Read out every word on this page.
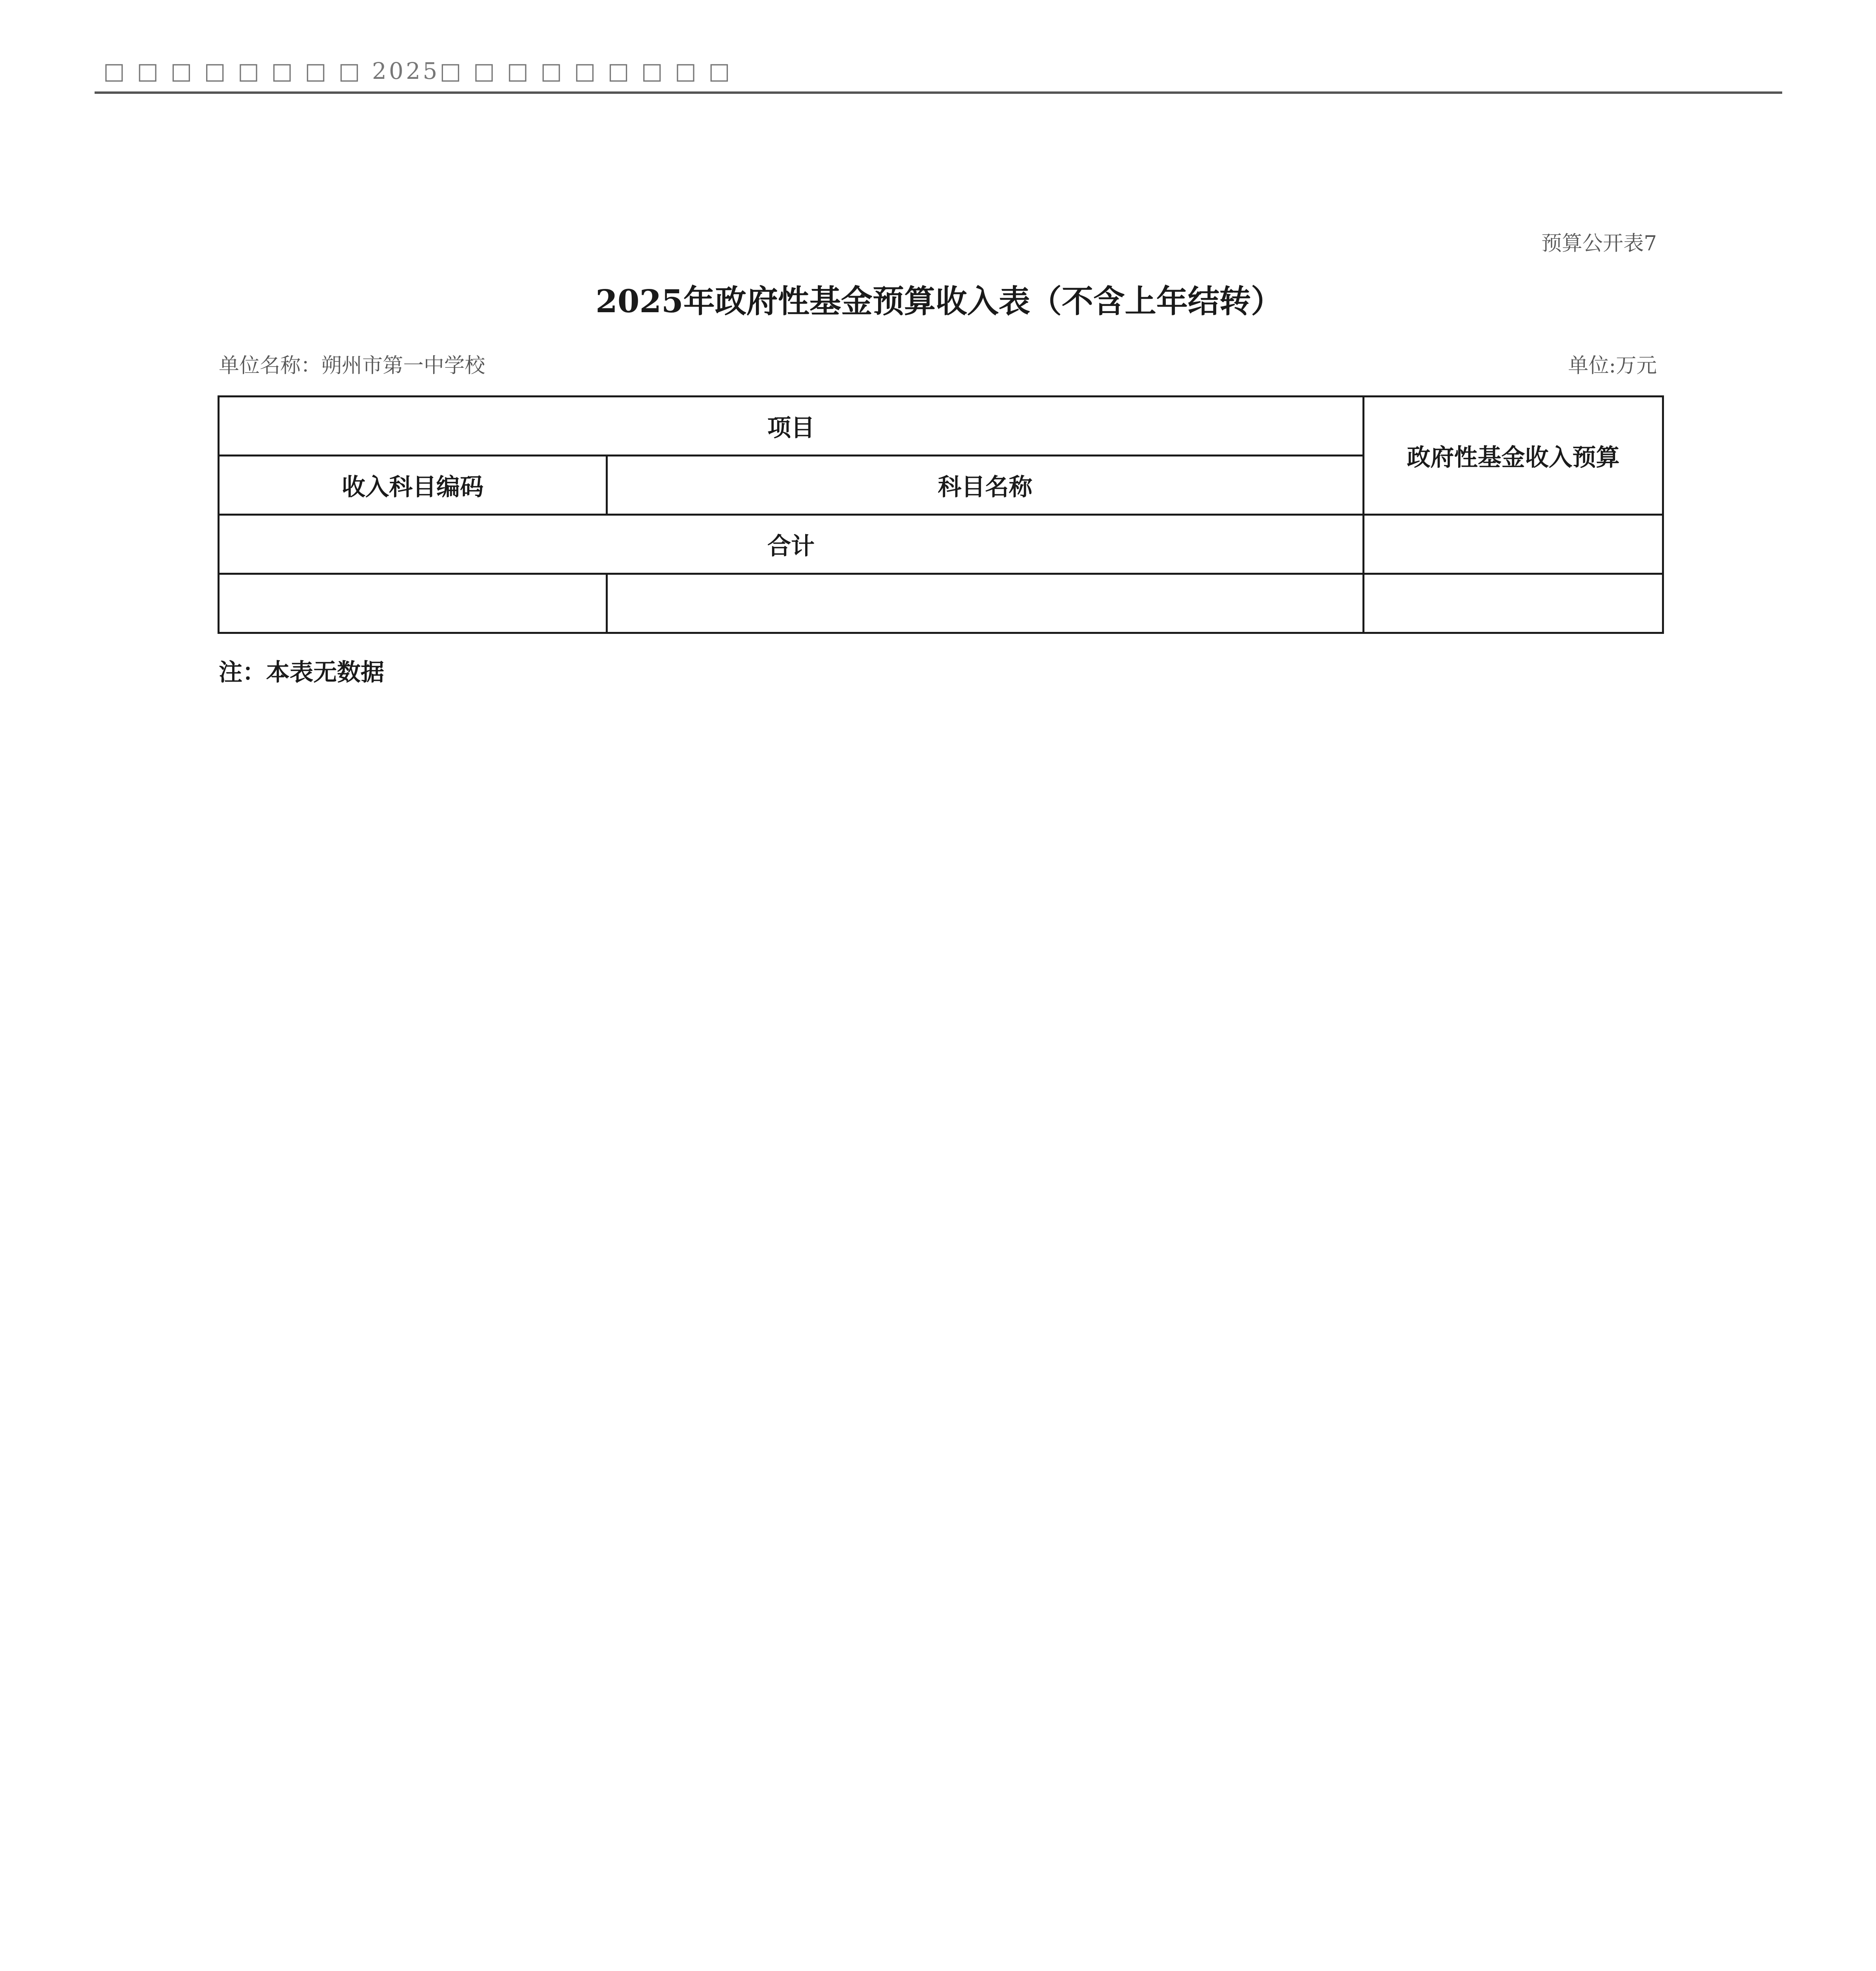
□ □ □ □ □ □ □ □ 2025□ □ □ □ □ □ □ □ □
预算公开表7
2025年政府性基金预算收入表（不含上年结转）
单位名称：朔州市第一中学校	单位:万元
项目		政府性基金收入预算
收入科目编码	科目名称	
合计		

注：本表无数据
